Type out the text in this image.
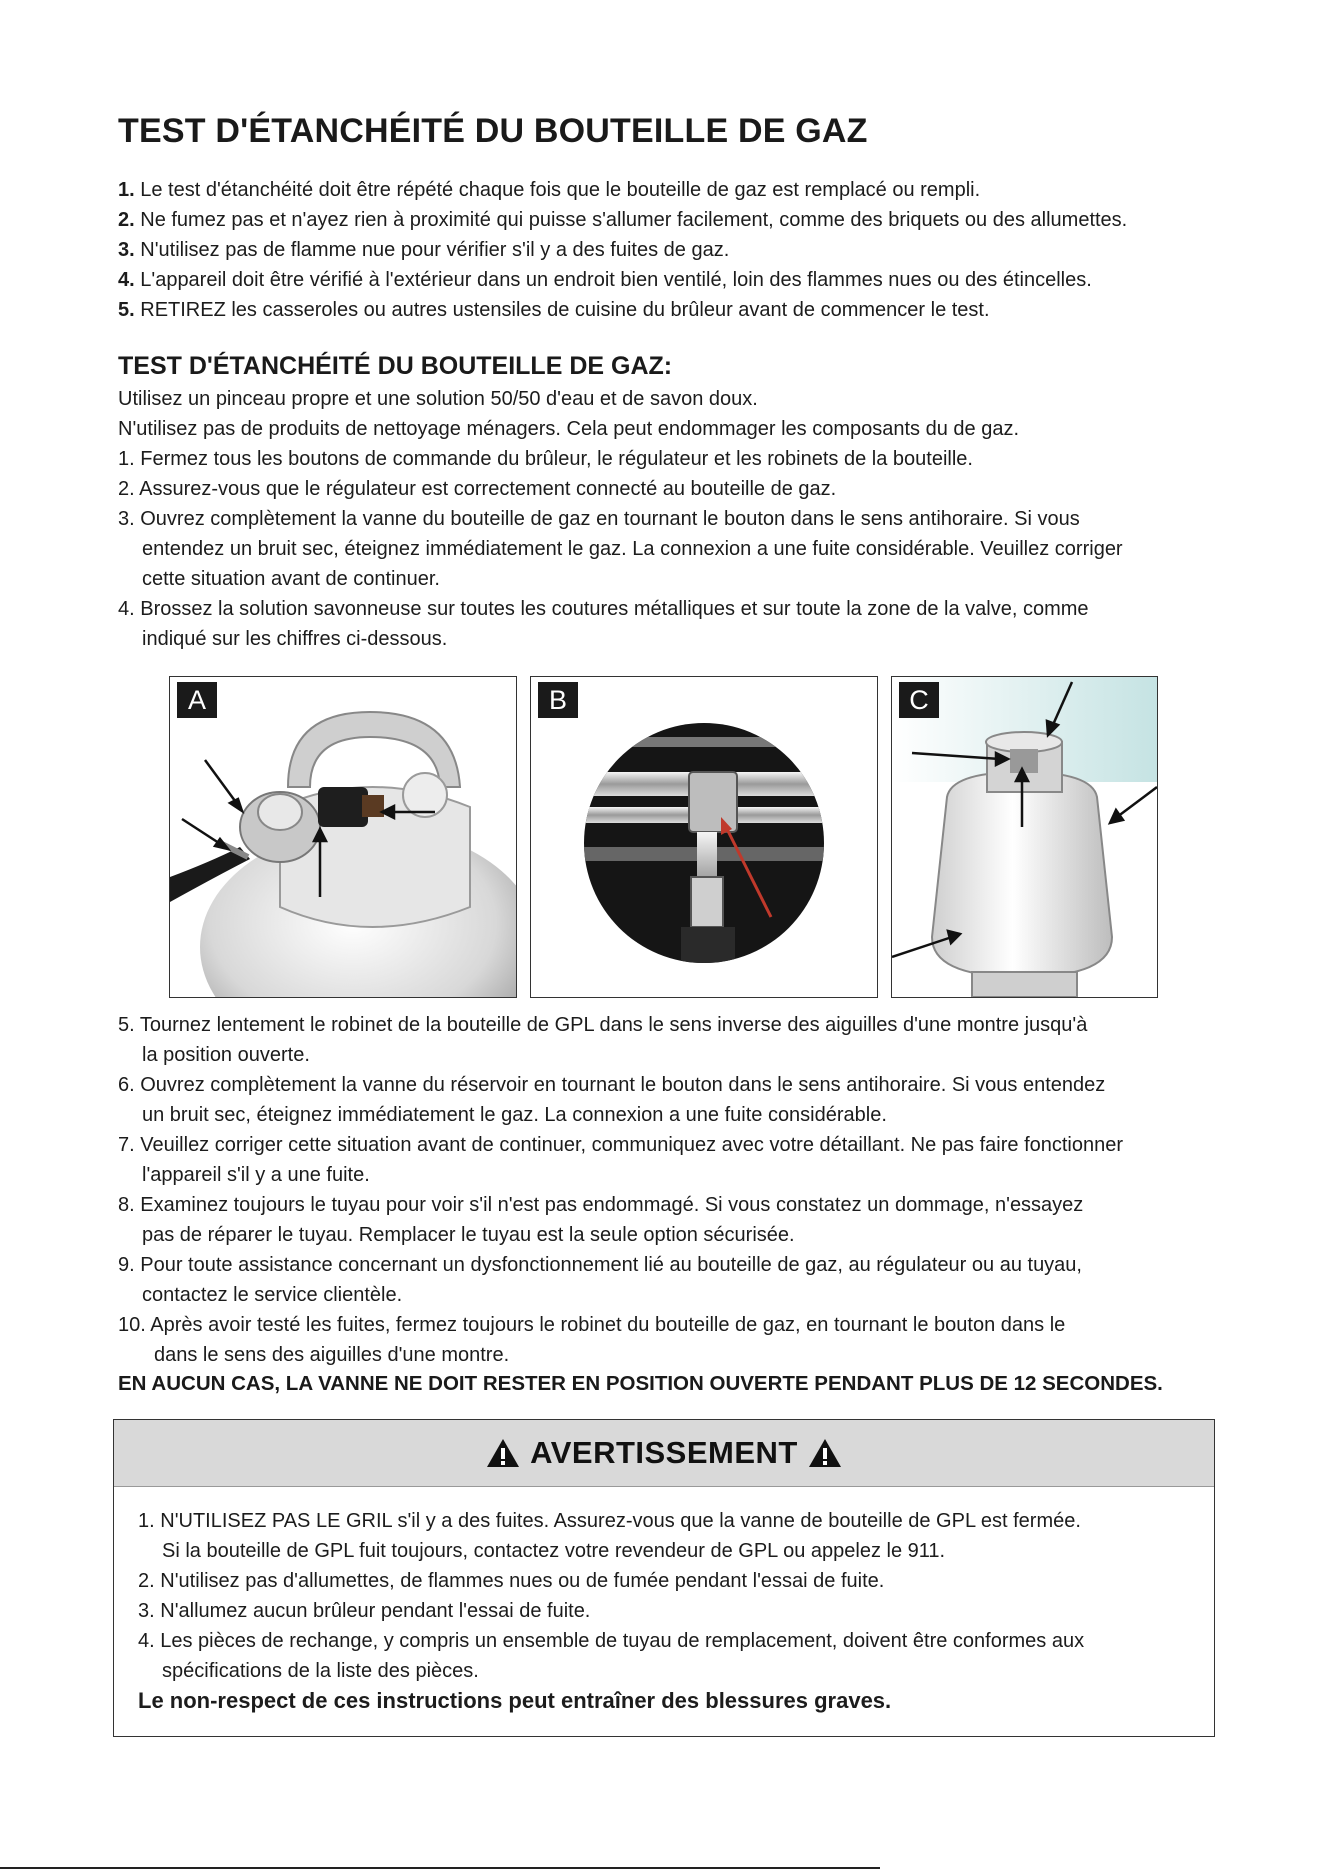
TEST D'ÉTANCHÉITÉ DU BOUTEILLE DE GAZ
1. Le test d'étanchéité doit être répété chaque fois que le bouteille de gaz est remplacé ou rempli.
2. Ne fumez pas et n'ayez rien à proximité qui puisse s'allumer facilement, comme des briquets ou des allumettes.
3. N'utilisez pas de flamme nue pour vérifier s'il y a des fuites de gaz.
4. L'appareil doit être vérifié à l'extérieur dans un endroit bien ventilé, loin des flammes nues ou des étincelles.
5. RETIREZ les casseroles ou autres ustensiles de cuisine du brûleur avant de commencer le test.
TEST D'ÉTANCHÉITÉ DU BOUTEILLE DE GAZ:
Utilisez un pinceau propre et une solution 50/50 d'eau et de savon doux.
N'utilisez pas de produits de nettoyage ménagers. Cela peut endommager les composants du de gaz.
1. Fermez tous les boutons de commande du brûleur, le régulateur et les robinets de la bouteille.
2. Assurez-vous que le régulateur est correctement connecté au bouteille de gaz.
3. Ouvrez complètement la vanne du bouteille de gaz en tournant le bouton dans le sens antihoraire. Si vous
entendez un bruit sec, éteignez immédiatement le gaz. La connexion a une fuite considérable. Veuillez corriger
cette situation avant de continuer.
4. Brossez la solution savonneuse sur toutes les coutures métalliques et sur toute la zone de la valve, comme
indiqué sur les chiffres ci-dessous.
A	B	C
5. Tournez lentement le robinet de la bouteille de GPL dans le sens inverse des aiguilles d'une montre jusqu'à
la position ouverte.
6. Ouvrez complètement la vanne du réservoir en tournant le bouton dans le sens antihoraire. Si vous entendez
un bruit sec, éteignez immédiatement le gaz. La connexion a une fuite considérable.
7. Veuillez corriger cette situation avant de continuer, communiquez avec votre détaillant. Ne pas faire fonctionner
l'appareil s'il y a une fuite.
8. Examinez toujours le tuyau pour voir s'il n'est pas endommagé. Si vous constatez un dommage, n'essayez
pas de réparer le tuyau. Remplacer le tuyau est la seule option sécurisée.
9. Pour toute assistance concernant un dysfonctionnement lié au bouteille de gaz, au régulateur ou au tuyau,
contactez le service clientèle.
10. Après avoir testé les fuites, fermez toujours le robinet du bouteille de gaz, en tournant le bouton dans le
dans le sens des aiguilles d'une montre.
EN AUCUN CAS, LA VANNE NE DOIT RESTER EN POSITION OUVERTE PENDANT PLUS DE 12 SECONDES.
AVERTISSEMENT
1. N'UTILISEZ PAS LE GRIL s'il y a des fuites. Assurez-vous que la vanne de bouteille de GPL est fermée.
Si la bouteille de GPL fuit toujours, contactez votre revendeur de GPL ou appelez le 911.
2. N'utilisez pas d'allumettes, de flammes nues ou de fumée pendant l'essai de fuite.
3. N'allumez aucun brûleur pendant l'essai de fuite.
4. Les pièces de rechange, y compris un ensemble de tuyau de remplacement, doivent être conformes aux
spécifications de la liste des pièces.
Le non-respect de ces instructions peut entraîner des blessures graves.
